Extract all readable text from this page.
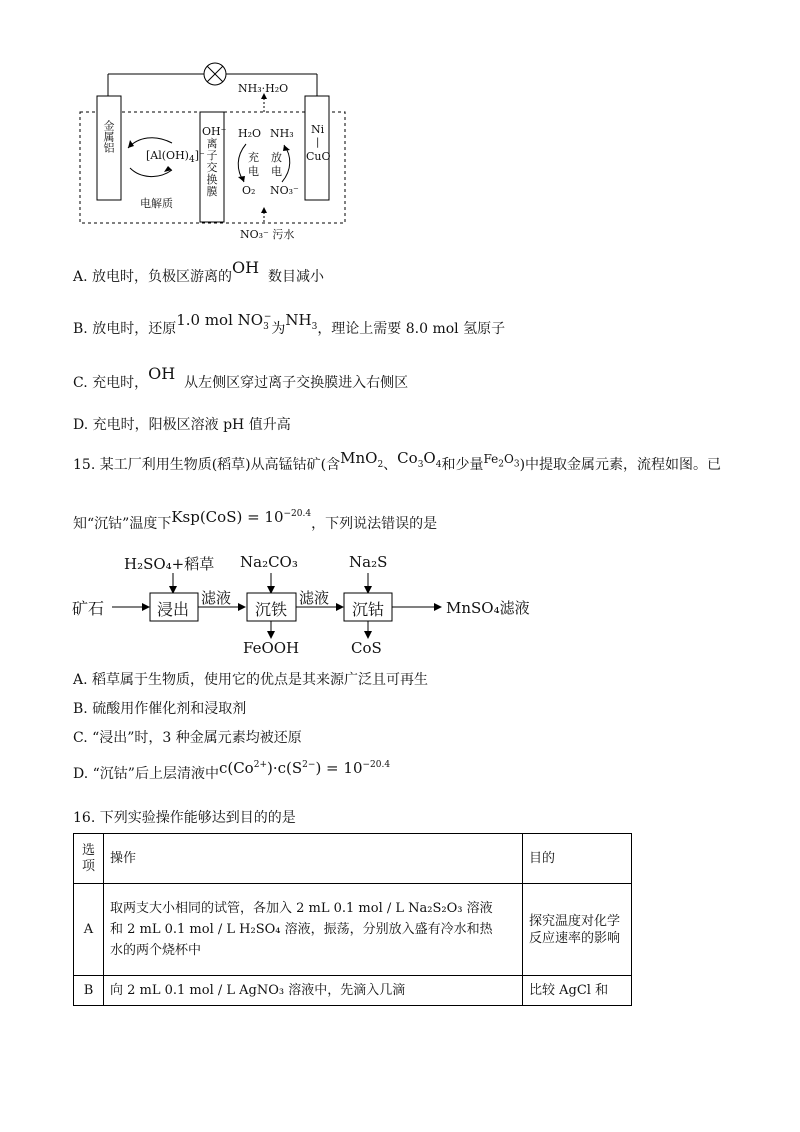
金属铝
$[Al(OH)_4]^-$
电解质
OH⁻
离
子
交
换
膜
Ni
|
CuO
H₂O
O₂
NH₃
NO₃⁻
充
电
放
电
NH₃·H₂O
NO₃⁻ 污水
A. 放电时，负极区游离的OH 数目减小
B. 放电时，还原1.0 mol $NO_3^-$为$NH_3$，理论上需要 8.0 mol 氢原子
C. 充电时，OH 从左侧区穿过离子交换膜进入右侧区
D. 充电时，阳极区溶液 pH 值升高
15. 某工厂利用生物质(稻草)从高锰钴矿(含MnO$_2$、$Co_3O_4$和少量$Fe_2O_3$)中提取金属元素，流程如图。已
知“沉钴”温度下$Ksp(CoS) = 10^{-20.4}$，下列说法错误的是
矿石	浸出	沉铁	沉钴
滤液	滤液
MnSO₄滤液
H₂SO₄+稻草 Na₂CO₃	Na₂S
FeOOH	CoS
A. 稻草属于生物质，使用它的优点是其来源广泛且可再生
B. 硫酸用作催化剂和浸取剂
C. “浸出”时，3 种金属元素均被还原
D. “沉钴”后上层清液中$c(Co^{2+})\cdot c(S^{2-}) = 10^{-20.4}$
16. 下列实验操作能够达到目的的是
选项	操作	目的
A	取两支大小相同的试管，各加入 2 mL 0.1 mol / L Na₂S₂O₃ 溶液
和 2 mL 0.1 mol / L H₂SO₄ 溶液，振荡，分别放入盛有冷水和热
水的两个烧杯中	探究温度对化学反应速率的影响
B	向 2 mL 0.1 mol / L AgNO₃ 溶液中，先滴入几滴	比较 AgCl 和
